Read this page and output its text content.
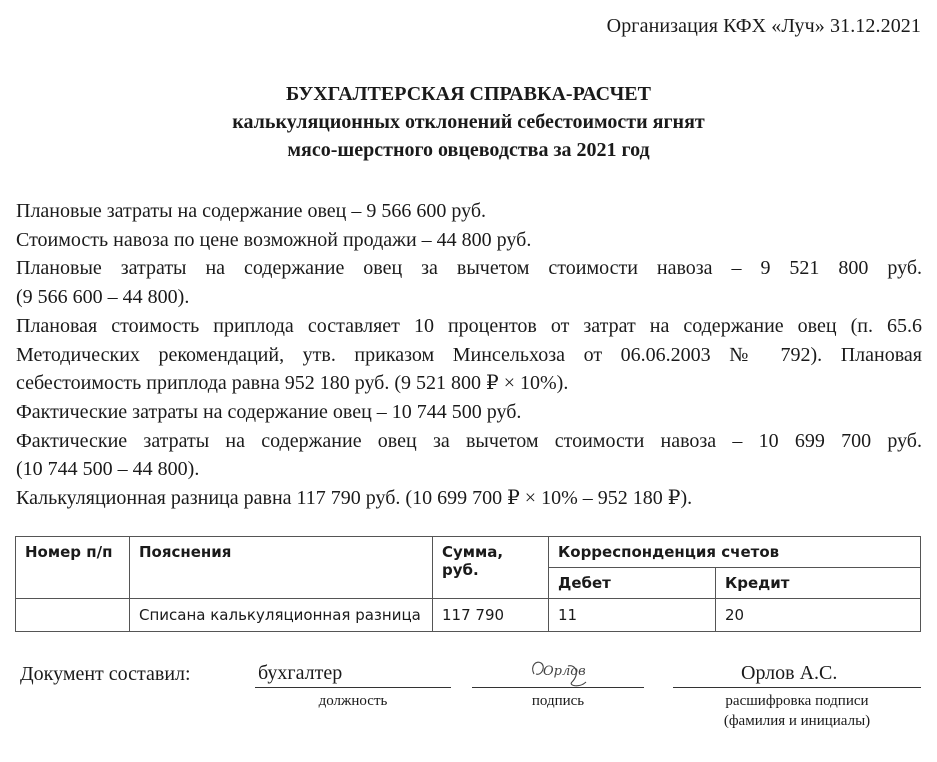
Организация КФХ «Луч» 31.12.2021
БУХГАЛТЕРСКАЯ СПРАВКА-РАСЧЕТ
калькуляционных отклонений себестоимости ягнят
мясо-шерстного овцеводства за 2021 год
Плановые затраты на содержание овец – 9 566 600 руб.
Стоимость навоза по цене возможной продажи – 44 800 руб.
Плановые затраты на содержание овец за вычетом стоимости навоза – 9 521 800 руб.
(9 566 600 – 44 800).
Плановая стоимость приплода составляет 10 процентов от затрат на содержание овец (п. 65.6
Методических рекомендаций, утв. приказом Минсельхоза от 06.06.2003 № 792). Плановая
себестоимость приплода равна 952 180 руб. (9 521 800 ₽ × 10%).
Фактические затраты на содержание овец – 10 744 500 руб.
Фактические затраты на содержание овец за вычетом стоимости навоза – 10 699 700 руб.
(10 744 500 – 44 800).
Калькуляционная разница равна 117 790 руб. (10 699 700 ₽ × 10% – 952 180 ₽).
Номер п/п	Пояснения	Сумма, руб.	Корреспонденция счетов	
			Дебет	Кредит
	Списана калькуляционная разница	117 790	11	20
Документ составил:	бухгалтер
должность
Орлов
подпись
Орлов А.С.
расшифровка подписи
(фамилия и инициалы)
